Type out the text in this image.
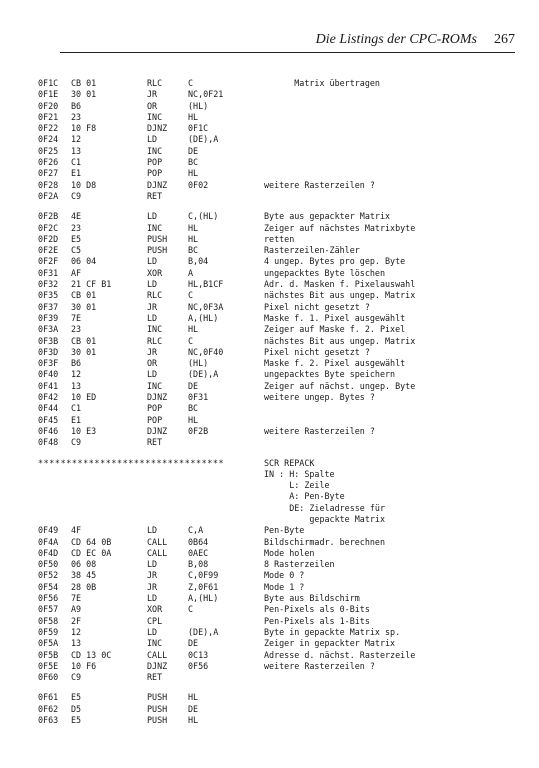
Die Listings der CPC-ROMs 267
0F1C CB 01	RLC	C	Matrix übertragen
0F1E 30 01	JR	NC,0F21
0F20 B6	OR	(HL)
0F21 23	INC	HL
0F22 10 F8	DJNZ 0F1C
0F24 12	LD	(DE),A
0F25 13	INC	DE
0F26 C1	POP	BC
0F27 E1	POP	HL
0F28 10 D8	DJNZ 0F02	weitere Rasterzeilen ?
0F2A C9	RET
0F2B 4E	LD	C,(HL)	Byte aus gepackter Matrix
0F2C 23	INC	HL	Zeiger auf nächstes Matrixbyte
0F2D E5	PUSH HL	retten
0F2E C5	PUSH BC	Rasterzeilen-Zähler
0F2F 06 04	LD	B,04	4 ungep. Bytes pro gep. Byte
0F31 AF	XOR	A	ungepacktes Byte löschen
0F32 21 CF B1	LD	HL,B1CF	Adr. d. Masken f. Pixelauswahl
0F35 CB 01	RLC	C	nächstes Bit aus ungep. Matrix
0F37 30 01	JR	NC,0F3A	Pixel nicht gesetzt ?
0F39 7E	LD	A,(HL)	Maske f. 1. Pixel ausgewählt
0F3A 23	INC	HL	Zeiger auf Maske f. 2. Pixel
0F3B CB 01	RLC	C	nächstes Bit aus ungep. Matrix
0F3D 30 01	JR	NC,0F40	Pixel nicht gesetzt ?
0F3F B6	OR	(HL)	Maske f. 2. Pixel ausgewählt
0F40 12	LD	(DE),A	ungepacktes Byte speichern
0F41 13	INC	DE	Zeiger auf nächst. ungep. Byte
0F42 10 ED	DJNZ 0F31	weitere ungep. Bytes ?
0F44 C1	POP	BC
0F45 E1	POP	HL
0F46 10 E3	DJNZ 0F2B	weitere Rasterzeilen ?
0F48 C9	RET
*********************************	SCR REPACK
IN : H: Spalte
L: Zeile
A: Pen-Byte
DE: Zieladresse für
gepackte Matrix
0F49 4F	LD	C,A	Pen-Byte
0F4A CD 64 0B	CALL 0B64	Bildschirmadr. berechnen
0F4D CD EC 0A	CALL 0AEC	Mode holen
0F50 06 08	LD	B,08	8 Rasterzeilen
0F52 38 45	JR	C,0F99	Mode 0 ?
0F54 28 0B	JR	Z,0F61	Mode 1 ?
0F56 7E	LD	A,(HL)	Byte aus Bildschirm
0F57 A9	XOR	C	Pen-Pixels als 0-Bits
0F58 2F	CPL	Pen-Pixels als 1-Bits
0F59 12	LD	(DE),A	Byte in gepackte Matrix sp.
0F5A 13	INC	DE	Zeiger in gepackter Matrix
0F5B CD 13 0C	CALL 0C13	Adresse d. nächst. Rasterzeile
0F5E 10 F6	DJNZ 0F56	weitere Rasterzeilen ?
0F60 C9	RET
0F61 E5	PUSH HL
0F62 D5	PUSH DE
0F63 E5	PUSH HL
